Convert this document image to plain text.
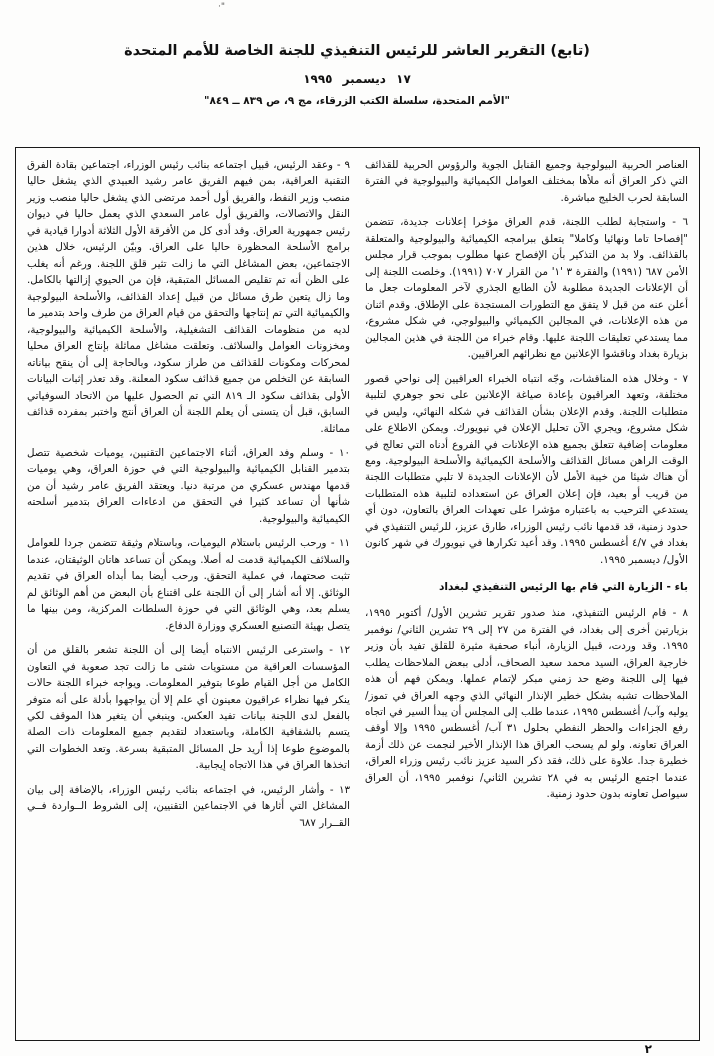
·"
(تابع) التقرير العاشر للرئيس التنفيذي للجنة الخاصة للأمم المتحدة
١٧ ديسمبر ١٩٩٥
"الأمم المتحدة، سلسلة الكتب الزرقاء، مج ٩، ص ٨٣٩ ــ ٨٤٩"

العناصر الحربية البيولوجية وجميع القنابل الجوية والرؤوس الحربية للقذائف التي ذكر العراق أنه ملأها بمختلف العوامل الكيميائية والبيولوجية في الفترة السابقة لحرب الخليج مباشرة.

٦ - واستجابة لطلب اللجنة، قدم العراق مؤخرا إعلانات جديدة، تتضمن "إفصاحا تاما ونهائيا وكاملا" يتعلق ببرامجه الكيميائية والبيولوجية والمتعلقة بالقذائف. ولا بد من التذكير بأن الإفصاح عنها مطلوب بموجب قرار مجلس الأمن ٦٨٧ (١٩٩١) والفقرة ٣ '١' من القرار ٧٠٧ (١٩٩١). وخلصت اللجنة إلى أن الإعلانات الجديدة مطلوبة لأن الطابع الجذري لآخر المعلومات جعل ما أعلن عنه من قبل لا يتفق مع التطورات المستجدة على الإطلاق. وقدم اثنان من هذه الإعلانات، في المجالين الكيميائي والبيولوجي، في شكل مشروع، مما يستدعي تعليقات اللجنة عليها. وقام خبراء من اللجنة في هذين المجالين بزيارة بغداد وناقشوا الإعلانين مع نظرائهم العراقيين.

٧ - وخلال هذه المناقشات، وجّه انتباه الخبراء العراقيين إلى نواحي قصور مختلفة، وتعهد العراقيون بإعادة صياغة الإعلانين على نحو جوهري لتلبية متطلبات اللجنة. وقدم الإعلان بشأن القذائف في شكله النهائي، وليس في شكل مشروع، ويجري الآن تحليل الإعلان في نيويورك. ويمكن الاطلاع على معلومات إضافية تتعلق بجميع هذه الإعلانات في الفروع أدناه التي تعالج في الوقت الراهن مسائل القذائف والأسلحة الكيميائية والأسلحة البيولوجية. ومع أن هناك شيئا من خيبة الأمل لأن الإعلانات الجديدة لا تلبي متطلبات اللجنة من قريب أو بعيد، فإن إعلان العراق عن استعداده لتلبية هذه المتطلبات يستدعي الترحيب به باعتباره مؤشرا على تعهدات العراق بالتعاون، دون أي حدود زمنية، قد قدمها نائب رئيس الوزراء، طارق عزيز، للرئيس التنفيذي في بغداد في ٤/٧ أغسطس ١٩٩٥. وقد أعيد تكرارها في نيويورك في شهر كانون الأول/ ديسمبر ١٩٩٥.

باء - الزيارة التي قام بها الرئيس التنفيذي لبغداد

٨ - قام الرئيس التنفيذي، منذ صدور تقرير تشرين الأول/ أكتوبر ١٩٩٥، بزيارتين أخرى إلى بغداد، في الفترة من ٢٧ إلى ٢٩ تشرين الثاني/ نوفمبر ١٩٩٥. وقد وردت، قبيل الزيارة، أنباء صحفية مثيرة للقلق تفيد بأن وزير خارجية العراق، السيد محمد سعيد الصحاف، أدلى ببعض الملاحظات يطلب فيها إلى اللجنة وضع حد زمني مبكر لإتمام عملها. ويمكن فهم أن هذه الملاحظات تشبه بشكل خطير الإنذار النهائي الذي وجهه العراق في تموز/ يوليه وآب/ أغسطس ١٩٩٥، عندما طلب إلى المجلس أن يبدأ السير في اتجاه رفع الجزاءات والحظر النفطي بحلول ٣١ آب/ أغسطس ١٩٩٥ وإلا أوقف العراق تعاونه. ولو لم يسحب العراق هذا الإنذار الأخير لنجمت عن ذلك أزمة خطيرة جدا. علاوة على ذلك، فقد ذكر السيد عزيز نائب رئيس وزراء العراق، عندما اجتمع الرئيس به في ٢٨ تشرين الثاني/ نوفمبر ١٩٩٥، أن العراق سيواصل تعاونه بدون حدود زمنية.

٩ - وعقد الرئيس، قبيل اجتماعه بنائب رئيس الوزراء، اجتماعين بقادة الفرق التقنية العراقية، بمن فيهم الفريق عامر رشيد العبيدي الذي يشغل حاليا منصب وزير النفط، والفريق أول أحمد مرتضى الذي يشغل حاليا منصب وزير النقل والاتصالات، والفريق أول عامر السعدي الذي يعمل حاليا في ديوان رئيس جمهورية العراق. وقد أدى كل من الأفرقة الأول الثلاثة أدوارا قيادية في برامج الأسلحة المحظورة حاليا على العراق. وبيّن الرئيس، خلال هذين الاجتماعين، بعض المشاغل التي ما زالت تثير قلق اللجنة. ورغم أنه يغلب على الظن أنه تم تقليص المسائل المتبقية، فإن من الحيوي إزالتها بالكامل. وما زال يتعين طرق مسائل من قبيل إعداد القذائف، والأسلحة البيولوجية والكيميائية التي تم إنتاجها والتحقق من قيام العراق من طرف واحد بتدمير ما لديه من منظومات القذائف التشغيلية، والأسلحة الكيميائية والبيولوجية، ومخزونات العوامل والسلائف. وتعلقت مشاغل مماثلة بإنتاج العراق محليا لمحركات ومكونات للقذائف من طراز سكود، وبالحاجة إلى أن ينقح بياناته السابقة عن التخلص من جميع قذائف سكود المعلنة. وقد تعذر إثبات البيانات الأولى بقذائف سكود الـ ٨١٩ التي تم الحصول عليها من الاتحاد السوفياتي السابق، قبل أن يتسنى أن يعلم اللجنة أن العراق أنتج واختبر بمفرده قذائف مماثلة.

١٠ - وسلم وفد العراق، أثناء الاجتماعين التقنيين، يوميات شخصية تتصل بتدمير القنابل الكيميائية والبيولوجية التي في حوزة العراق، وهي يوميات قدمها مهندس عسكري من مرتبة دنيا. ويعتقد الفريق عامر رشيد أن من شأنها أن تساعد كثيرا في التحقق من ادعاءات العراق بتدمير أسلحته الكيميائية والبيولوجية.

١١ - ورحب الرئيس باستلام اليوميات، وباستلام وثيقة تتضمن جردا للعوامل والسلائف الكيميائية قدمت له أصلا. ويمكن أن تساعد هاتان الوثيقتان، عندما تثبت صحتهما، في عملية التحقق. ورحب أيضا بما أبداه العراق في تقديم الوثائق. إلا أنه أشار إلى أن اللجنة على اقتناع بأن البعض من أهم الوثائق لم يسلم بعد، وهي الوثائق التي في حوزة السلطات المركزية، ومن بينها ما يتصل بهيئة التصنيع العسكري ووزارة الدفاع.

١٢ - واسترعى الرئيس الانتباه أيضا إلى أن اللجنة تشعر بالقلق من أن المؤسسات العراقية من مستويات شتى ما زالت تجد صعوبة في التعاون الكامل من أجل القيام طوعا بتوفير المعلومات. ويواجه خبراء اللجنة حالات ينكر فيها نظراء عراقيون معينون أي علم إلا أن يواجهوا بأدلة على أنه متوفر بالفعل لدى اللجنة بيانات تفيد العكس. وينبغي أن يتغير هذا الموقف لكي يتسم بالشفافية الكاملة، وباستعداد لتقديم جميع المعلومات ذات الصلة بالموضوع طوعا إذا أريد حل المسائل المتبقية بسرعة. وتعد الخطوات التي اتخذها العراق في هذا الاتجاه إيجابية.

١٣ - وأشار الرئيس، في اجتماعه بنائب رئيس الوزراء، بالإضافة إلى بيان المشاغل التي أثارها في الاجتماعين التقنيين، إلى الشروط الــواردة فــي القــرار ٦٨٧

٢
